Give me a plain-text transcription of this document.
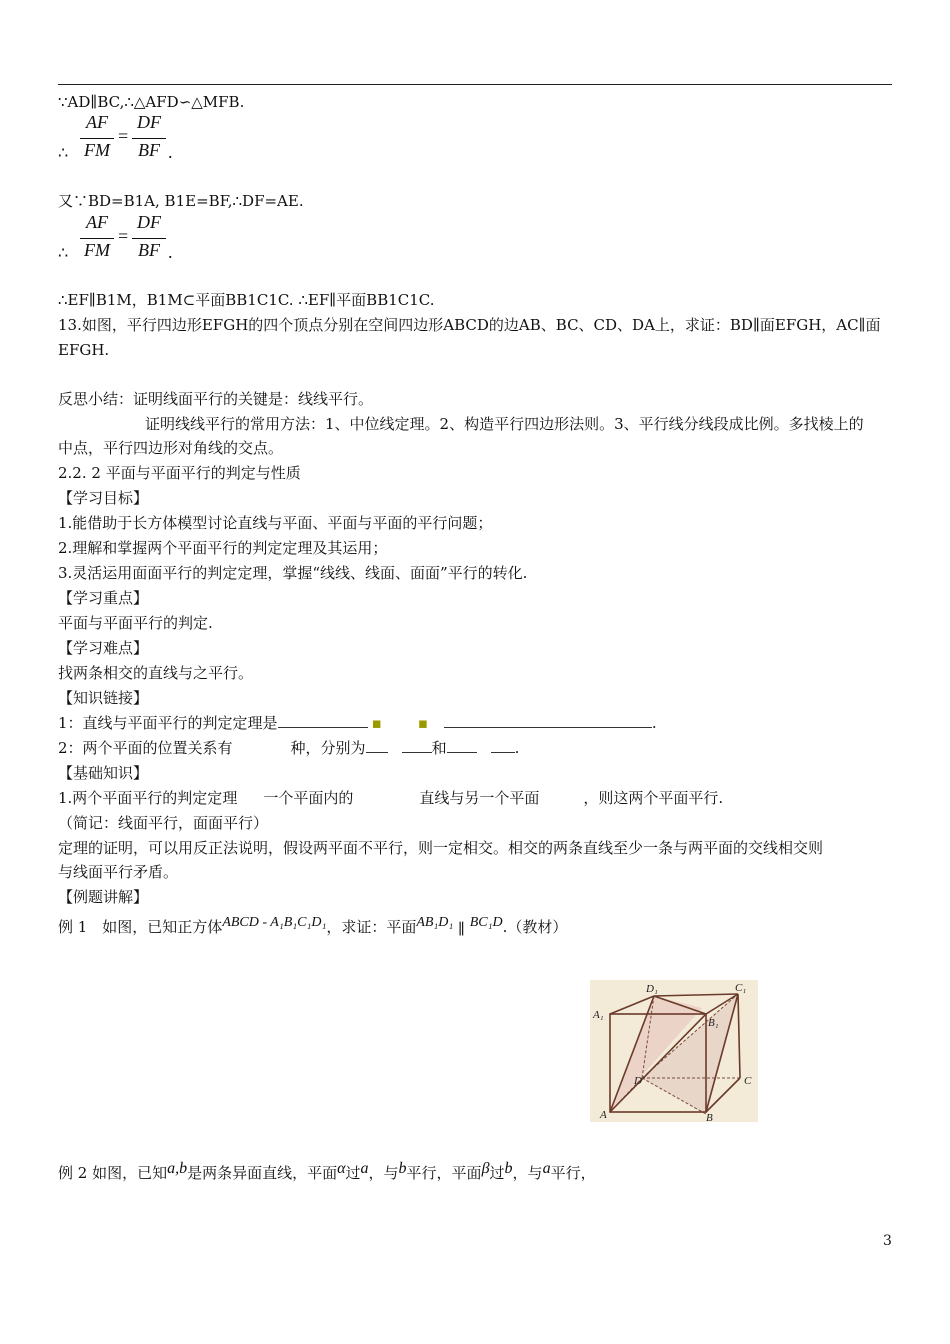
∵AD∥BC,∴△AFD∽△MFB.
∴
AF
FM
=
DF
BF .
又∵BD=B1A, B1E=BF,∴DF=AE.
∴
AF
FM
=
DF
BF .
∴EF∥B1M，B1M⊂平面BB1C1C. ∴EF∥平面BB1C1C.
13.如图，平行四边形EFGH的四个顶点分别在空间四边形ABCD的边AB、BC、CD、DA上，求证：BD∥面EFGH，AC∥面
EFGH.
反思小结：证明线面平行的关键是：线线平行。
证明线线平行的常用方法：1、中位线定理。2、构造平行四边形法则。3、平行线分线段成比例。多找棱上的
中点，平行四边形对角线的交点。
2.2. 2 平面与平面平行的判定与性质
【学习目标】
1.能借助于长方体模型讨论直线与平面、平面与平面的平行问题；
2.理解和掌握两个平面平行的判定定理及其运用；
3.灵活运用面面平行的判定定理，掌握“线线、线面、面面”平行的转化.
【学习重点】
平面与平面平行的判定.
【学习难点】
找两条相交的直线与之平行。
【知识链接】
1：直线与平面平行的判定定理是	▪ ▪	.
2：两个平面的位置关系有	种，分别为	和	.
【基础知识】
1.两个平面平行的判定定理 一个平面内的	直线与另一个平面	，则这两个平面平行.
（简记：线面平行，面面平行）
定理的证明，可以用反正法说明，假设两平面不平行，则一定相交。相交的两条直线至少一条与两平面的交线相交则
与线面平行矛盾。
【例题讲解】
例 1　如图，已知正方体ABCD - A₁B₁C₁D₁，求证：平面AB₁D₁ ∥ BC₁D.（教材）
D₁	C₁
A₁
B₁
D	C
A	B
例 2 如图，已知a,b是两条异面直线，平面α过a，与b平行，平面β过b，与a平行，
3
